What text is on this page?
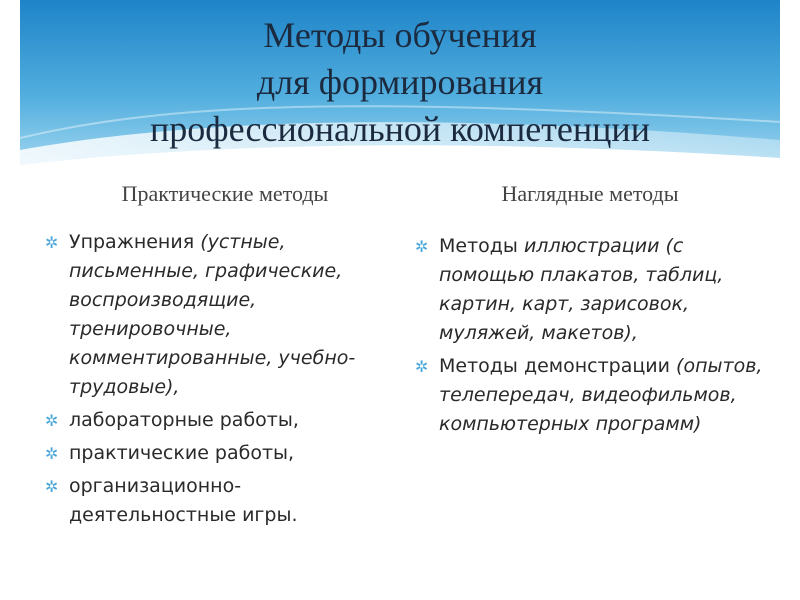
Методы обучения
для формирования
профессиональной компетенции
Практические методы	Наглядные методы
✲ Упражнения (устные, письменные, графические, воспроизводящие, тренировочные, комментированные, учебно-трудовые),
✲ лабораторные работы,
✲ практические работы,
✲ организационно-деятельностные игры.
✲ Методы иллюстрации (с помощью плакатов, таблиц, картин, карт, зарисовок, муляжей, макетов),
✲ Методы демонстрации (опытов, телепередач, видеофильмов, компьютерных программ)
